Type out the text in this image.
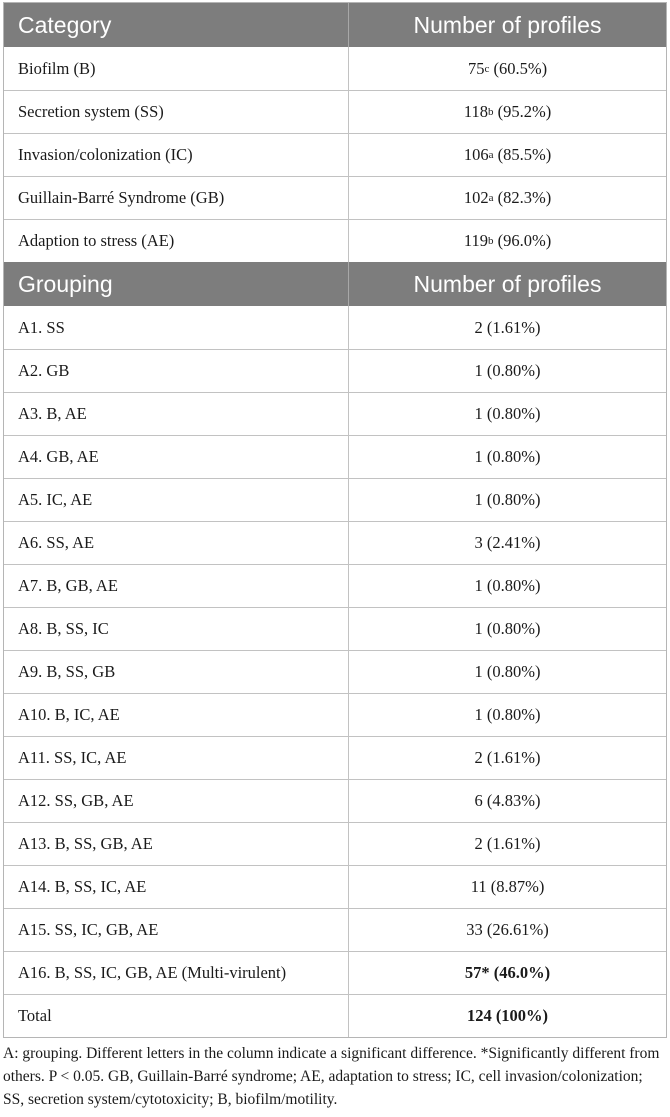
Category	Number of profiles
Biofilm (B)	75 c (60.5%)
Secretion system (SS)	118 b (95.2%)
Invasion/colonization (IC)	106 a (85.5%)
Guillain-Barré Syndrome (GB)	102 a (82.3%)
Adaption to stress (AE)	119 b (96.0%)
Grouping	Number of profiles
A1. SS	2 (1.61%)
A2. GB	1 (0.80%)
A3. B, AE	1 (0.80%)
A4. GB, AE	1 (0.80%)
A5. IC, AE	1 (0.80%)
A6. SS, AE	3 (2.41%)
A7. B, GB, AE	1 (0.80%)
A8. B, SS, IC	1 (0.80%)
A9. B, SS, GB	1 (0.80%)
A10. B, IC, AE	1 (0.80%)
A11. SS, IC, AE	2 (1.61%)
A12. SS, GB, AE	6 (4.83%)
A13. B, SS, GB, AE	2 (1.61%)
A14. B, SS, IC, AE	11 (8.87%)
A15. SS, IC, GB, AE	33 (26.61%)
A16. B, SS, IC, GB, AE (Multi-virulent)	57* (46.0%)
Total	124 (100%)
A: grouping. Different letters in the column indicate a significant difference. *Significantly different from others. P < 0.05. GB, Guillain-Barré syndrome; AE, adaptation to stress; IC, cell invasion/colonization; SS, secretion system/cytotoxicity; B, biofilm/motility.
